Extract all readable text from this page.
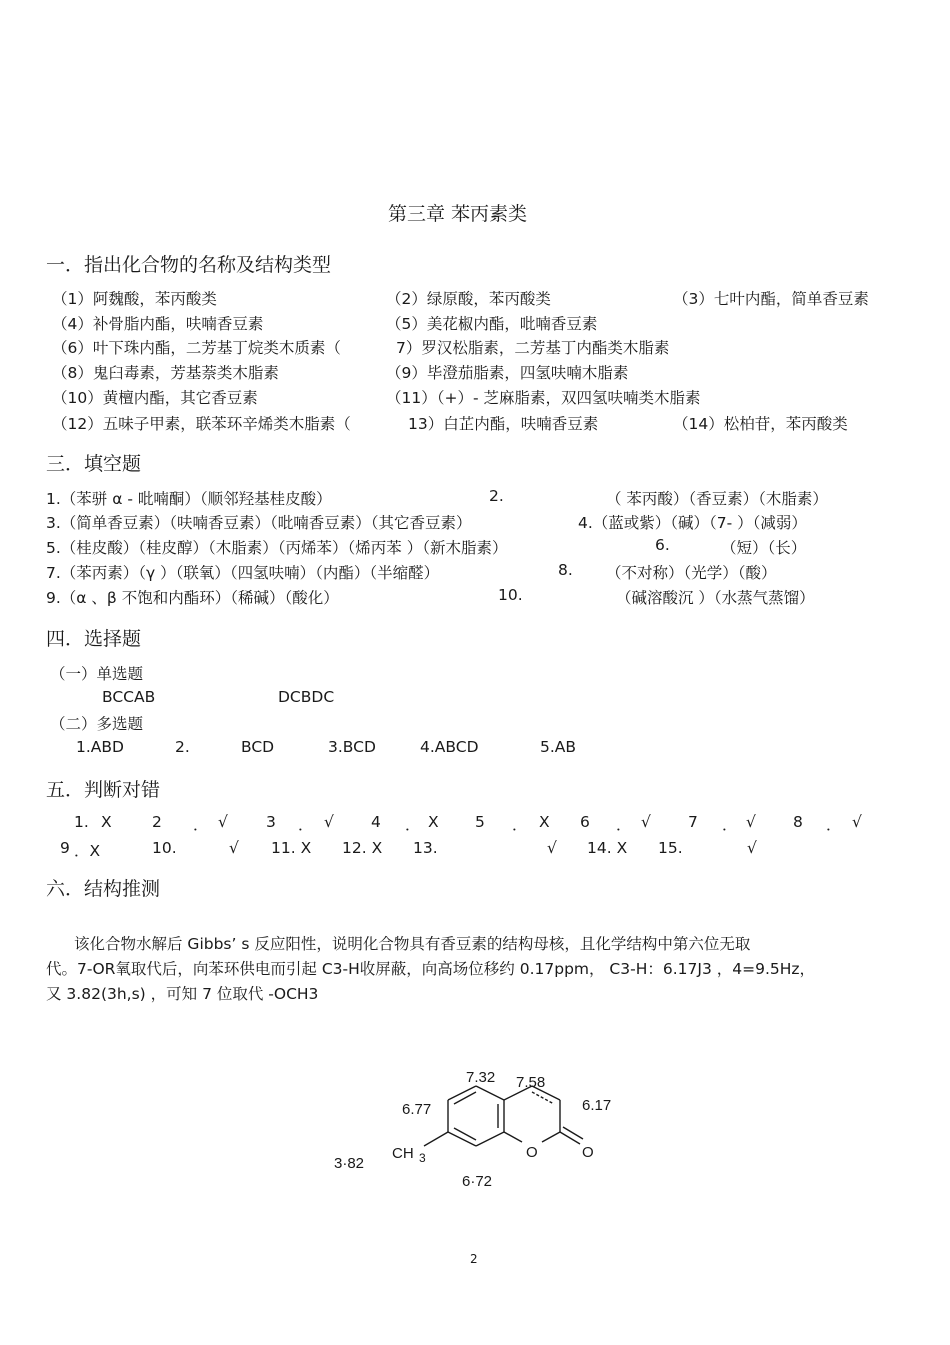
第三章 苯丙素类
一．指出化合物的名称及结构类型
（1）阿魏酸，苯丙酸类	（2）绿原酸，苯丙酸类	（3）七叶内酯，简单香豆素
（4）补骨脂内酯，呋喃香豆素	（5）美花椒内酯，吡喃香豆素
（6）叶下珠内酯，二芳基丁烷类木质素（	7）罗汉松脂素，二芳基丁内酯类木脂素
（8）鬼臼毒素，芳基萘类木脂素	（9）毕澄茄脂素，四氢呋喃木脂素
（10）黄檀内酯，其它香豆素	（11）（+）- 芝麻脂素，双四氢呋喃类木脂素
（12）五味子甲素，联苯环辛烯类木脂素（	13）白芷内酯，呋喃香豆素	（14）松柏苷，苯丙酸类
三．填空题
1.（苯骈 α - 吡喃酮）（顺邻羟基桂皮酸）	2.	（ 苯丙酸）（香豆素）（木脂素）
3.（简单香豆素）（呋喃香豆素）（吡喃香豆素）（其它香豆素）	4.（蓝或紫）（碱）（7- ）（减弱）
5.（桂皮酸）（桂皮醇）（木脂素）（丙烯苯）（烯丙苯 ）（新木脂素）	6.	（短）（长）
7.（苯丙素）（γ ）（联氧）（四氢呋喃）（内酯）（半缩醛）	8. （不对称）（光学）（酸）
9.（α 、β 不饱和内酯环）（稀碱）（酸化）	10.	（碱溶酸沉 ）（水蒸气蒸馏）
四．选择题
（一）单选题
BCCAB	DCBDC
（二）多选题
1.ABD	2.	BCD	3.BCD	4.ABCD	5.AB
五．判断对错
1. X	2 ． √ 3 ． √ 4 ． X 5 ． X 6 ． √ 7 ． √ 8 ． √
9 ．X	10.	√ 11. X 12. X 13.	√ 14. X 15.	√
六．结构推测
该化合物水解后 Gibbs’ s 反应阳性，说明化合物具有香豆素的结构母核，且化学结构中第六位无取
代。7-OR氧取代后，向苯环供电而引起 C3-H收屏蔽，向高场位移约 0.17ppm， C3-H：6.17J3 ，4=9.5Hz，
又 3.82(3h,s) ，可知 7 位取代 -OCH3
7.32 7.58
6.77	6.17
3·82
CH 3	O	O
6·72
2
